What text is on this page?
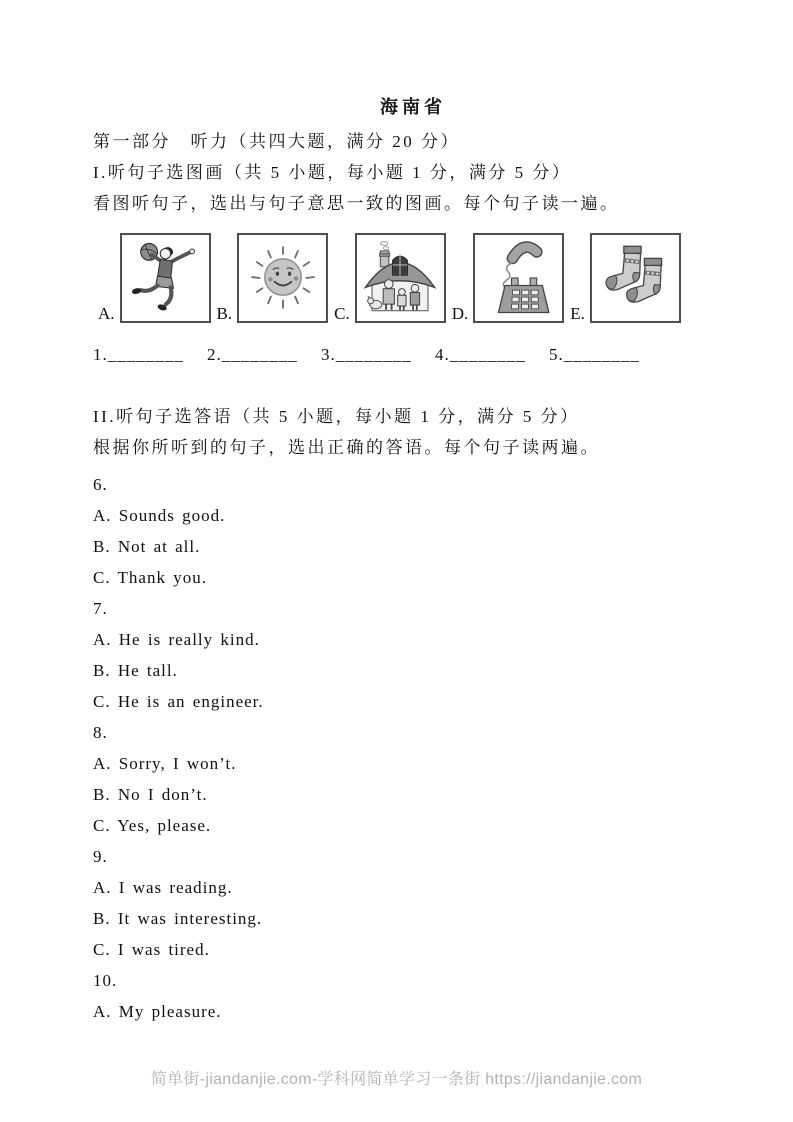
海南省
第一部分　听力（共四大题，满分 20 分）
I.听句子选图画（共 5 小题，每小题 1 分，满分 5 分）
看图听句子，选出与句子意思一致的图画。每个句子读一遍。
A.	B.	C.	D.	E.
1.________ 2.________ 3.________ 4.________ 5.________
II.听句子选答语（共 5 小题，每小题 1 分，满分 5 分）
根据你所听到的句子，选出正确的答语。每个句子读两遍。
6.
A. Sounds good.
B. Not at all.
C. Thank you.
7.
A. He is really kind.
B. He tall.
C. He is an engineer.
8.
A. Sorry, I won’t.
B. No I don’t.
C. Yes, please.
9.
A. I was reading.
B. It was interesting.
C. I was tired.
10.
A. My pleasure.
简单街-jiandanjie.com-学科网简单学习一条街 https://jiandanjie.com
